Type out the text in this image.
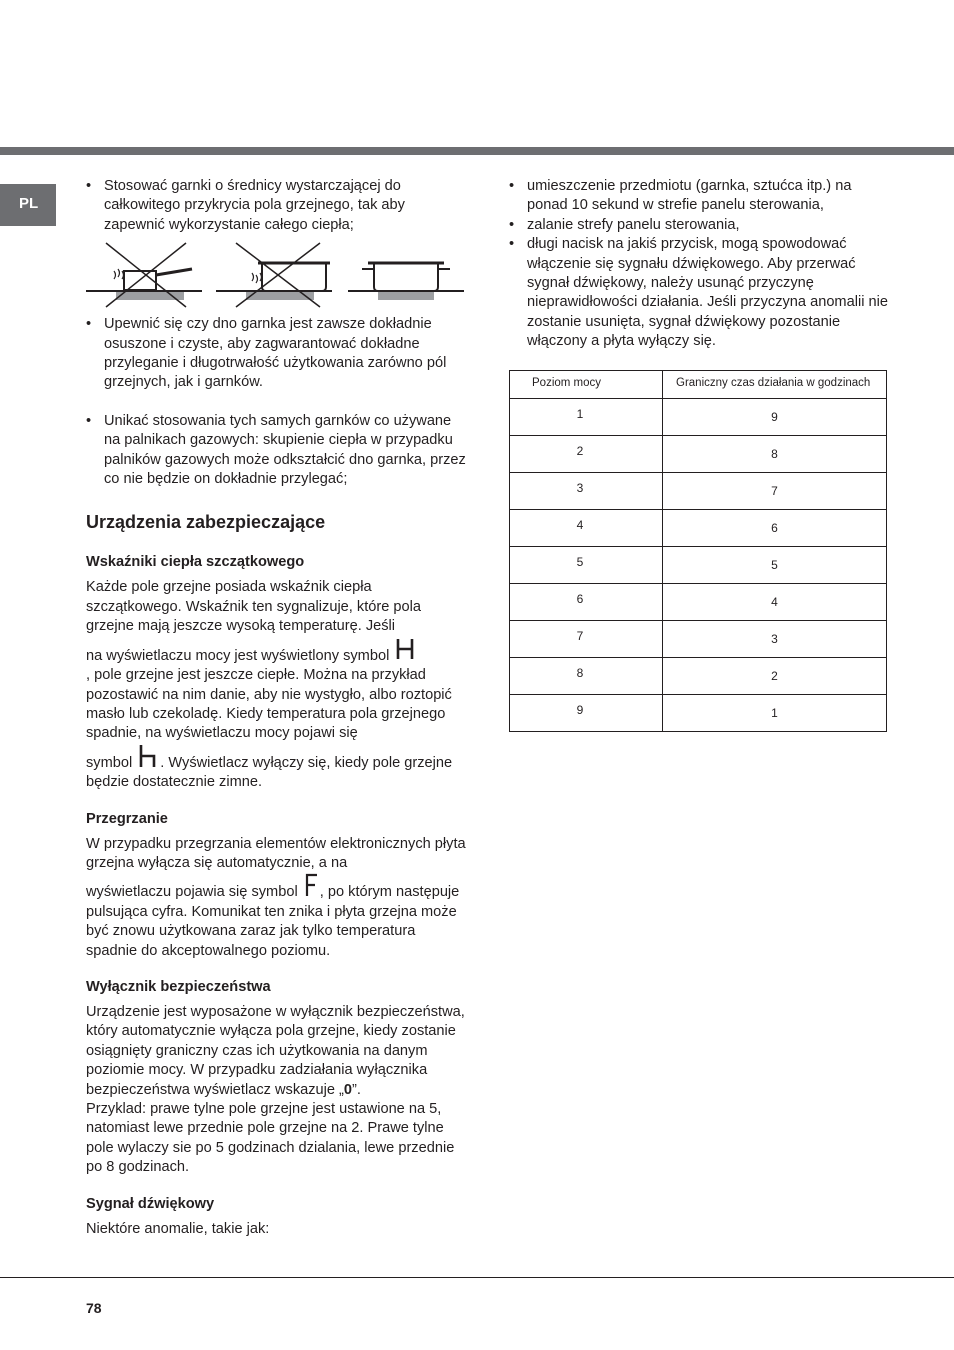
PL
• Stosować garnki o średnicy wystarczającej do całkowitego przykrycia pola grzejnego, tak aby zapewnić wykorzystanie całego ciepła;
• Upewnić się czy dno garnka jest zawsze dokładnie osuszone i czyste, aby zagwarantować dokładne przyleganie i długotrwałość użytkowania zarówno pól grzejnych, jak i garnków.
• Unikać stosowania tych samych garnków co używane na palnikach gazowych: skupienie ciepła w przypadku palników gazowych może odkształcić dno garnka, przez co nie będzie on dokładnie przylegać;
Urządzenia zabezpieczające
Wskaźniki ciepła szczątkowego

Każde pole grzejne posiada wskaźnik ciepła szczątkowego. Wskaźnik ten sygnalizuje, które pola grzejne mają jeszcze wysoką temperaturę. Jeśli
na wyświetlaczu mocy jest wyświetlony symbol
, pole grzejne jest jeszcze ciepłe. Można na przykład pozostawić na nim danie, aby nie wystygło, albo roztopić masło lub czekoladę. Kiedy temperatura pola grzejnego spadnie, na wyświetlaczu mocy pojawi się
symbol . Wyświetlacz wyłączy się, kiedy pole grzejne będzie dostatecznie zimne.

Przegrzanie

W przypadku przegrzania elementów elektronicznych płyta grzejna wyłącza się automatycznie, a na
wyświetlaczu pojawia się symbol , po którym następuje pulsująca cyfra. Komunikat ten znika i płyta grzejna może być znowu użytkowana zaraz jak tylko temperatura spadnie do akceptowalnego poziomu.

Wyłącznik bezpieczeństwa

Urządzenie jest wyposażone w wyłącznik bezpieczeństwa, który automatycznie wyłącza pola grzejne, kiedy zostanie osiągnięty graniczny czas ich użytkowania na danym poziomie mocy. W przypadku zadziałania wyłącznika bezpieczeństwa wyświetlacz wskazuje „0”.
Przyklad: prawe tylne pole grzejne jest ustawione na 5, natomiast lewe przednie pole grzejne na 2. Prawe tylne pole wylaczy sie po 5 godzinach dzialania, lewe przednie po 8 godzinach.

Sygnał dźwiękowy

Niektóre anomalie, takie jak:

• umieszczenie przedmiotu (garnka, sztućca itp.) na ponad 10 sekund w strefie panelu sterowania,
• zalanie strefy panelu sterowania,
• długi nacisk na jakiś przycisk, mogą spowodować włączenie się sygnału dźwiękowego. Aby przerwać sygnał dźwiękowy, należy usunąć przyczynę nieprawidłowości działania. Jeśli przyczyna anomalii nie zostanie usunięta, sygnał dźwiękowy pozostanie włączony a płyta wyłączy się.
Poziom mocy	Graniczny czas działania w godzinach
1	9
2	8
3	7
4	6
5	5
6	4
7	3
8	2
9	1
78
